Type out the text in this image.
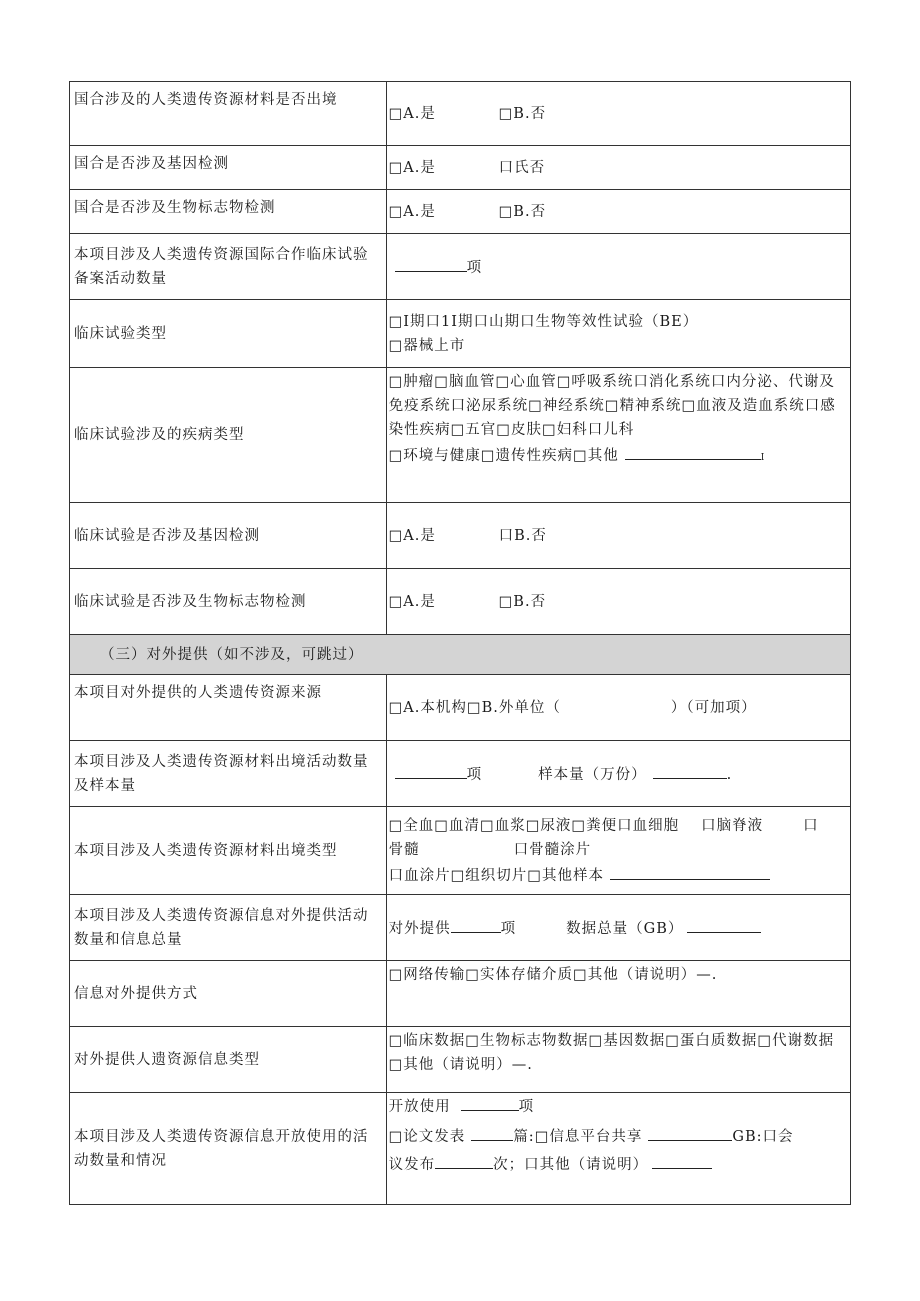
国合涉及的人类遗传资源材料是否出境	□A.是 □B.否
国合是否涉及基因检测	□A.是 口氏否
国合是否涉及生物标志物检测	□A.是 □B.否
本项目涉及人类遗传资源国际合作临床试验备案活动数量	项
临床试验类型	□I期口1I期口山期口生物等效性试验（BE）
□器械上市

临床试验涉及的疾病类型	□肿瘤□脑血管□心血管□呼吸系统口消化系统口内分泌、代谢及免疫系统口泌尿系统□神经系统□精神系统□血液及造血系统口感染性疾病□五官□皮肤□妇科口儿科
□环境与健康□遗传性疾病□其他 I
临床试验是否涉及基因检测	□A.是 口B.否
临床试验是否涉及生物标志物检测	□A.是 □B.否
（三）对外提供（如不涉及，可跳过）	
本项目对外提供的人类遗传资源来源	□A.本机构□B.外单位（ ）（可加项）
本项目涉及人类遗传资源材料出境活动数量及样本量	项 样本量（万份） .
本项目涉及人类遗传资源材料出境类型	□全血□血清□血浆□尿液□粪便口血细胞 口脑脊液 口
骨髓 口骨髓涂片
口血涂片□组织切片□其他样本

本项目涉及人类遗传资源信息对外提供活动数量和信息总量	对外提供 项 数据总量（GB）
信息对外提供方式	□网络传输□实体存储介质□其他（请说明）—.
对外提供人遗资源信息类型	□临床数据□生物标志物数据□基因数据□蛋白质数据□代谢数据□其他（请说明）—.
本项目涉及人类遗传资源信息开放使用的活动数量和情况	开放使用 项
□论文发表 篇:□信息平台共享 GB:口会
议发布 次；口其他（请说明）
